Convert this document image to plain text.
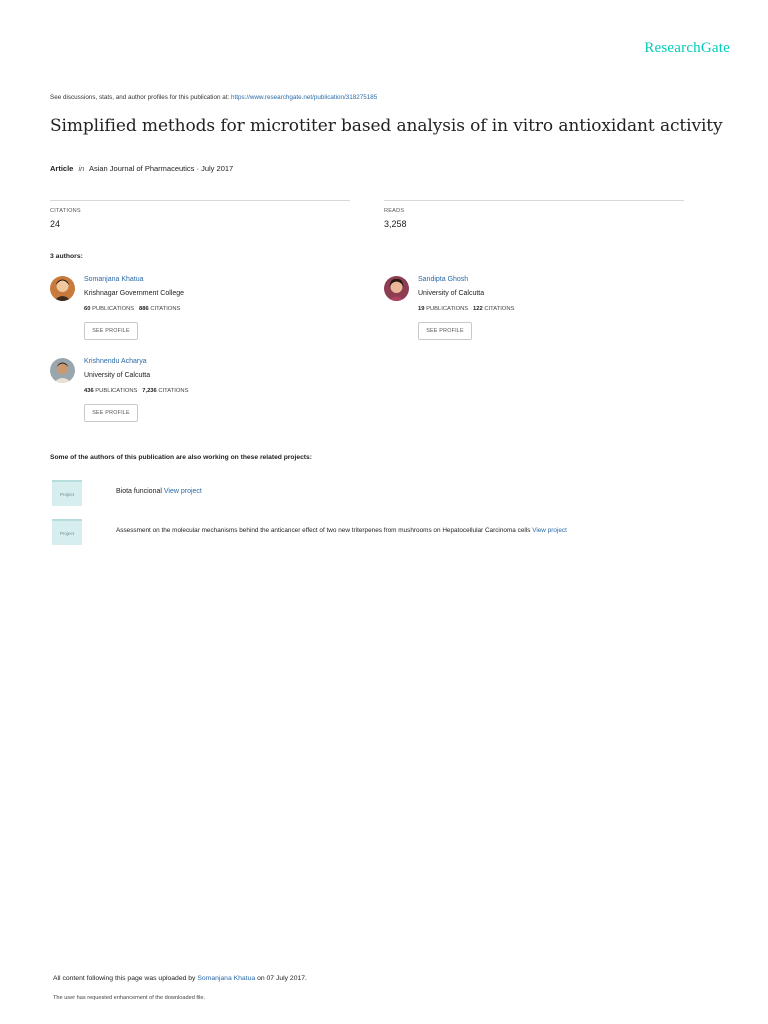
ResearchGate
See discussions, stats, and author profiles for this publication at: https://www.researchgate.net/publication/318275185
Simplified methods for microtiter based analysis of in vitro antioxidant activity
Article in Asian Journal of Pharmaceutics · July 2017
CITATIONS
24
READS
3,258
3 authors:
Somanjana Khatua
Krishnagar Government College
60 PUBLICATIONS 886 CITATIONS
SEE PROFILE
Sandipta Ghosh
University of Calcutta
19 PUBLICATIONS 122 CITATIONS
SEE PROFILE
Krishnendu Acharya
University of Calcutta
436 PUBLICATIONS 7,236 CITATIONS
SEE PROFILE
Some of the authors of this publication are also working on these related projects:
Project	Biota funcional View project
Project	Assessment on the molecular mechanisms behind the anticancer effect of two new triterpenes from mushrooms on Hepatocellular Carcinoma cells View project
All content following this page was uploaded by Somanjana Khatua on 07 July 2017.
The user has requested enhancement of the downloaded file.
